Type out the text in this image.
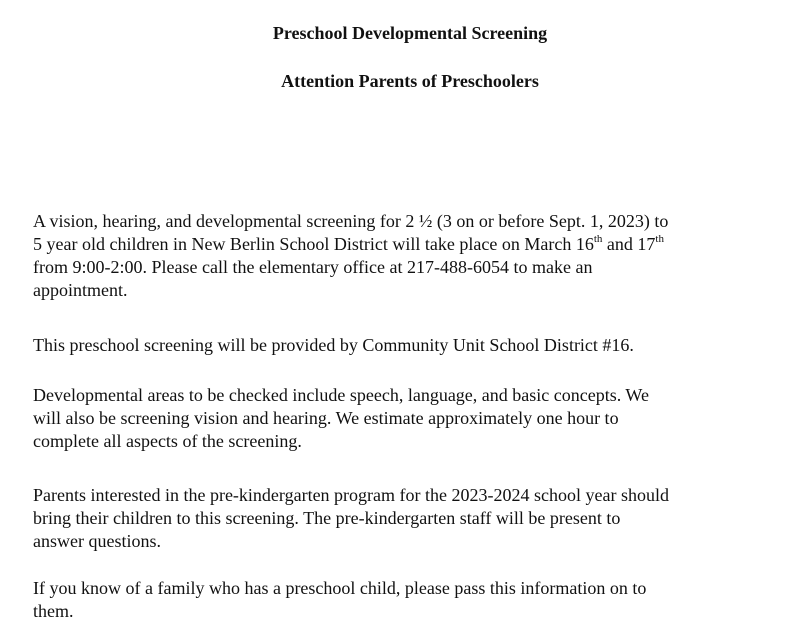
Preschool Developmental Screening
Attention Parents of Preschoolers

A vision, hearing, and developmental screening for 2 ½ (3 on or before Sept. 1, 2023) to
5 year old children in New Berlin School District will take place on March 16th and 17th
from 9:00-2:00. Please call the elementary office at 217-488-6054 to make an
appointment.

This preschool screening will be provided by Community Unit School District #16.

Developmental areas to be checked include speech, language, and basic concepts. We
will also be screening vision and hearing. We estimate approximately one hour to
complete all aspects of the screening.

Parents interested in the pre-kindergarten program for the 2023-2024 school year should
bring their children to this screening. The pre-kindergarten staff will be present to
answer questions.

If you know of a family who has a preschool child, please pass this information on to
them.
